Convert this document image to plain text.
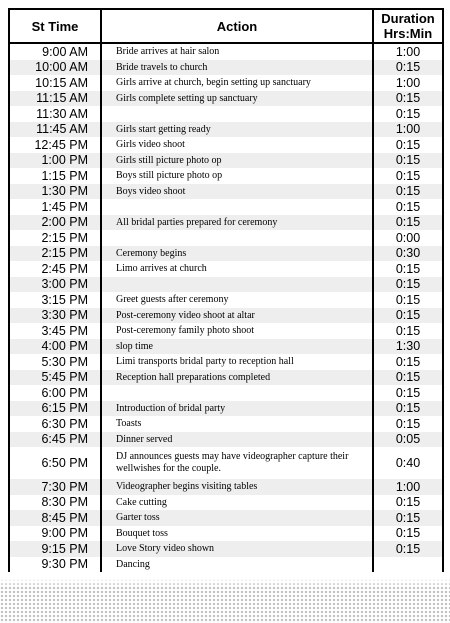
St Time	Action	Duration
Hrs:Min
9:00 AM	Bride arrives at hair salon	1:00
10:00 AM	Bride travels to church	0:15
10:15 AM	Girls arrive at church, begin setting up sanctuary	1:00
11:15 AM	Girls complete setting up sanctuary	0:15
11:30 AM		0:15
11:45 AM	Girls start getting ready	1:00
12:45 PM	Girls video shoot	0:15
1:00 PM	Girls still picture photo op	0:15
1:15 PM	Boys still picture photo op	0:15
1:30 PM	Boys video shoot	0:15
1:45 PM		0:15
2:00 PM	All bridal parties prepared for ceremony	0:15
2:15 PM		0:00
2:15 PM	Ceremony begins	0:30
2:45 PM	Limo arrives at church	0:15
3:00 PM		0:15
3:15 PM	Greet guests after ceremony	0:15
3:30 PM	Post-ceremony video shoot at altar	0:15
3:45 PM	Post-ceremony family photo shoot	0:15
4:00 PM	slop time	1:30
5:30 PM	Limi transports bridal party to reception hall	0:15
5:45 PM	Reception hall preparations completed	0:15
6:00 PM		0:15
6:15 PM	Introduction of bridal party	0:15
6:30 PM	Toasts	0:15
6:45 PM	Dinner served	0:05
6:50 PM	DJ announces guests may have videographer capture their wellwishes for the couple.	0:40
7:30 PM	Videographer begins visiting tables	1:00
8:30 PM	Cake cutting	0:15
8:45 PM	Garter toss	0:15
9:00 PM	Bouquet toss	0:15
9:15 PM	Love Story video shown	0:15
9:30 PM	Dancing	
